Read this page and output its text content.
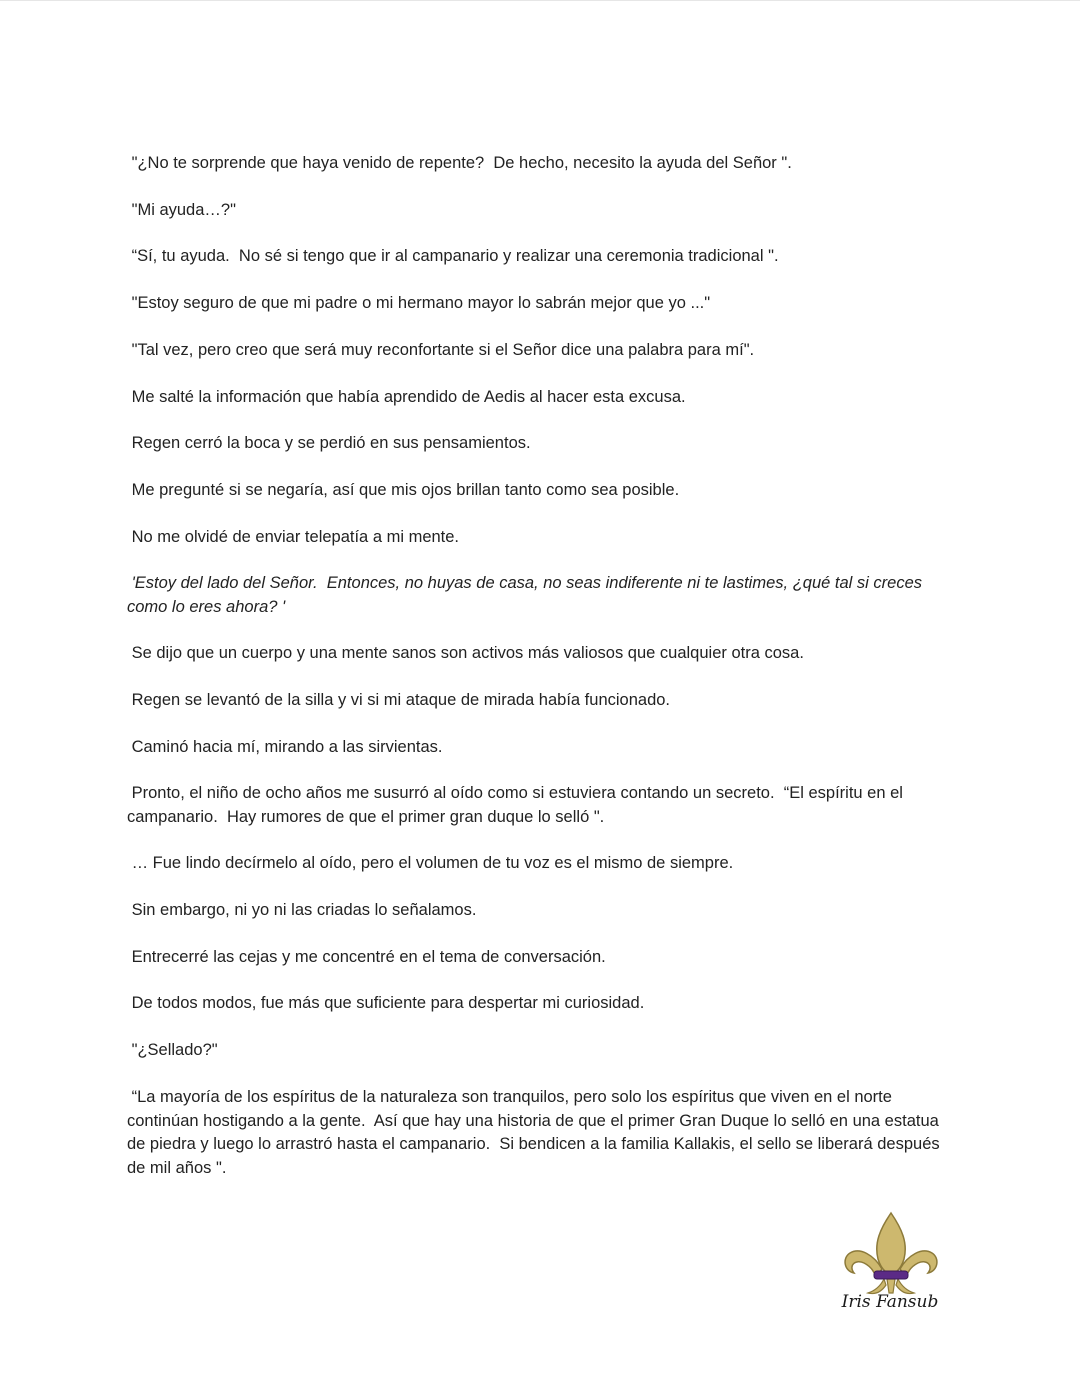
"¿No te sorprende que haya venido de repente?  De hecho, necesito la ayuda del Señor ".

"Mi ayuda…?"

“Sí, tu ayuda.  No sé si tengo que ir al campanario y realizar una ceremonia tradicional ".

"Estoy seguro de que mi padre o mi hermano mayor lo sabrán mejor que yo ..."

"Tal vez, pero creo que será muy reconfortante si el Señor dice una palabra para mí".

Me salté la información que había aprendido de Aedis al hacer esta excusa.

Regen cerró la boca y se perdió en sus pensamientos.

Me pregunté si se negaría, así que mis ojos brillan tanto como sea posible.

No me olvidé de enviar telepatía a mi mente.

'Estoy del lado del Señor.  Entonces, no huyas de casa, no seas indiferente ni te lastimes, ¿qué tal si creces como lo eres ahora? '

Se dijo que un cuerpo y una mente sanos son activos más valiosos que cualquier otra cosa.

Regen se levantó de la silla y vi si mi ataque de mirada había funcionado.

Caminó hacia mí, mirando a las sirvientas.

Pronto, el niño de ocho años me susurró al oído como si estuviera contando un secreto.  “El espíritu en el campanario.  Hay rumores de que el primer gran duque lo selló ".

… Fue lindo decírmelo al oído, pero el volumen de tu voz es el mismo de siempre.

Sin embargo, ni yo ni las criadas lo señalamos.

Entrecerré las cejas y me concentré en el tema de conversación.

De todos modos, fue más que suficiente para despertar mi curiosidad.

"¿Sellado?"

“La mayoría de los espíritus de la naturaleza son tranquilos, pero solo los espíritus que viven en el norte continúan hostigando a la gente.  Así que hay una historia de que el primer Gran Duque lo selló en una estatua de piedra y luego lo arrastró hasta el campanario.  Si bendicen a la familia Kallakis, el sello se liberará después de mil años ".

Iris Fansub
